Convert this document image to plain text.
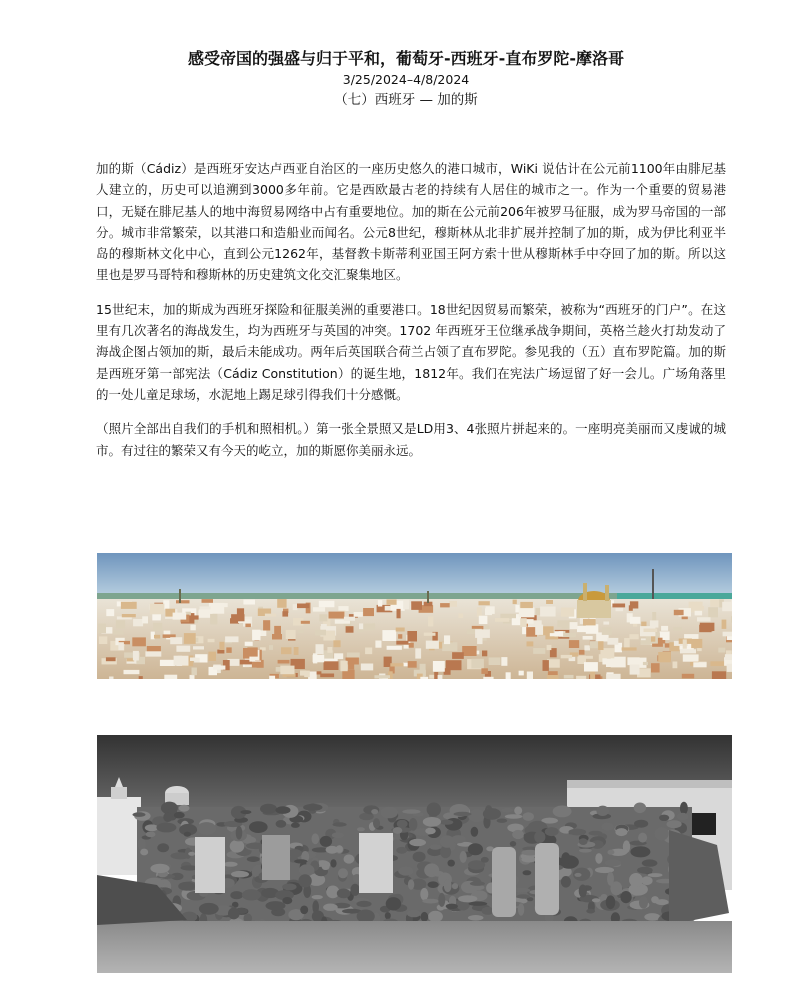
感受帝国的强盛与归于平和，葡萄牙-西班牙-直布罗陀-摩洛哥
3/25/2024–4/8/2024
（七）西班牙 — 加的斯

加的斯（Cádiz）是西班牙安达卢西亚自治区的一座历史悠久的港口城市，WiKi 说估计在公元前1100年由腓尼基人建立的，历史可以追溯到3000多年前。它是西欧最古老的持续有人居住的城市之一。作为一个重要的贸易港口，无疑在腓尼基人的地中海贸易网络中占有重要地位。加的斯在公元前206年被罗马征服，成为罗马帝国的一部分。城市非常繁荣，以其港口和造船业而闻名。公元8世纪，穆斯林从北非扩展并控制了加的斯，成为伊比利亚半岛的穆斯林文化中心，直到公元1262年，基督教卡斯蒂利亚国王阿方索十世从穆斯林手中夺回了加的斯。所以这里也是罗马哥特和穆斯林的历史建筑文化交汇聚集地区。

15世纪末，加的斯成为西班牙探险和征服美洲的重要港口。18世纪因贸易而繁荣，被称为“西班牙的门户”。在这里有几次著名的海战发生，均为西班牙与英国的冲突。1702 年西班牙王位继承战争期间，英格兰趁火打劫发动了海战企图占领加的斯，最后未能成功。两年后英国联合荷兰占领了直布罗陀。参见我的（五）直布罗陀篇。加的斯是西班牙第一部宪法（Cádiz Constitution）的诞生地，1812年。我们在宪法广场逗留了好一会儿。广场角落里的一处儿童足球场，水泥地上踢足球引得我们十分感慨。

（照片全部出自我们的手机和照相机。）第一张全景照又是LD用3、4张照片拼起来的。一座明亮美丽而又虔诚的城市。有过往的繁荣又有今天的屹立，加的斯愿你美丽永远。
